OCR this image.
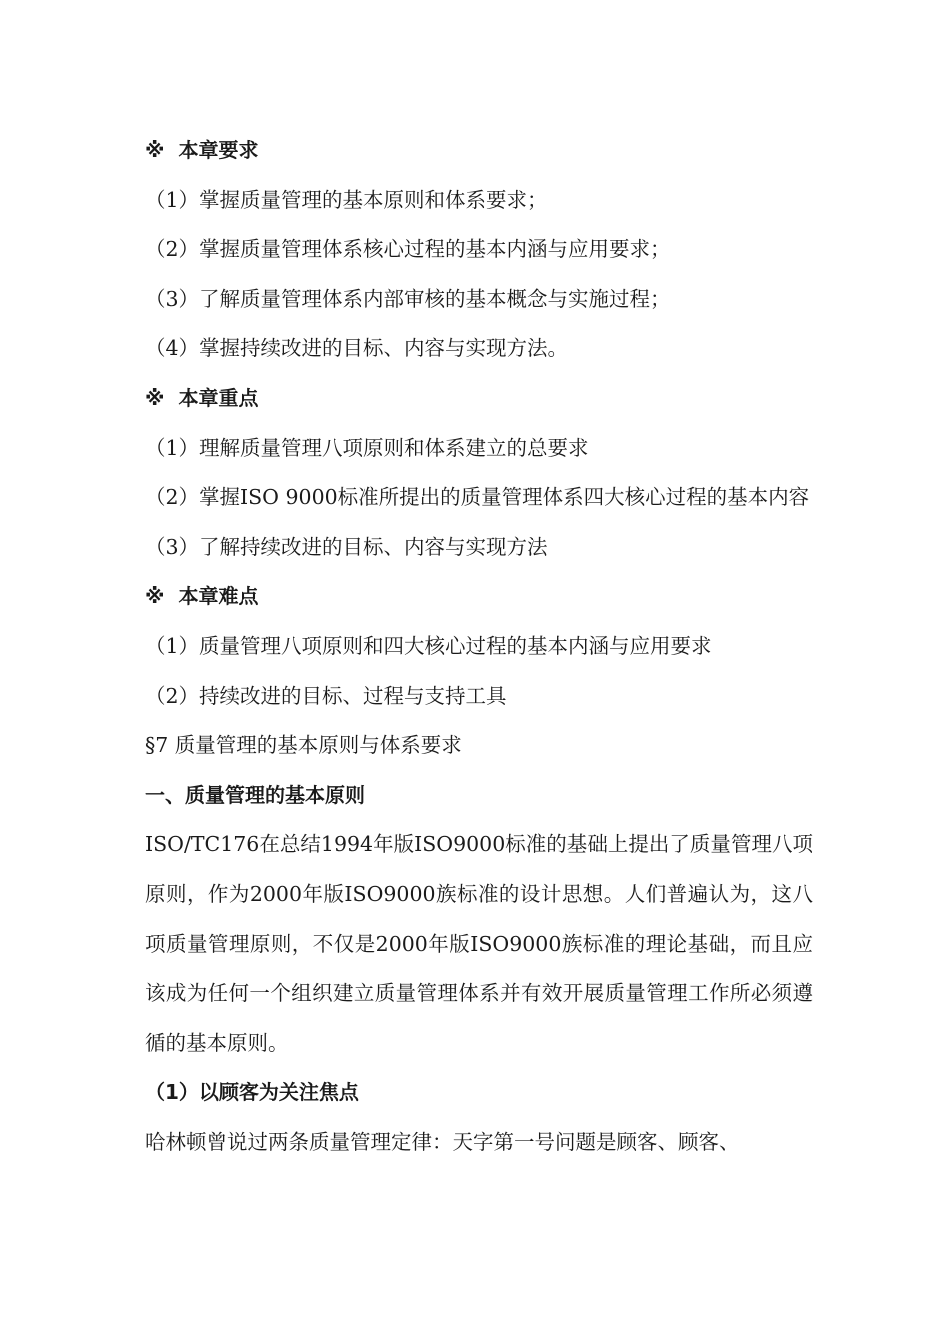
※ 本章要求

（1）掌握质量管理的基本原则和体系要求；

（2）掌握质量管理体系核心过程的基本内涵与应用要求；

（3）了解质量管理体系内部审核的基本概念与实施过程；

（4）掌握持续改进的目标、内容与实现方法。

※ 本章重点

（1）理解质量管理八项原则和体系建立的总要求

（2）掌握ISO 9000标准所提出的质量管理体系四大核心过程的基本内容

（3）了解持续改进的目标、内容与实现方法

※ 本章难点

（1）质量管理八项原则和四大核心过程的基本内涵与应用要求

（2）持续改进的目标、过程与支持工具

§7 质量管理的基本原则与体系要求

一、质量管理的基本原则

ISO/TC176在总结1994年版ISO9000标准的基础上提出了质量管理八项原则，作为2000年版ISO9000族标准的设计思想。人们普遍认为，这八项质量管理原则，不仅是2000年版ISO9000族标准的理论基础，而且应该成为任何一个组织建立质量管理体系并有效开展质量管理工作所必须遵循的基本原则。

（1）以顾客为关注焦点

哈林顿曾说过两条质量管理定律：天字第一号问题是顾客、顾客、
